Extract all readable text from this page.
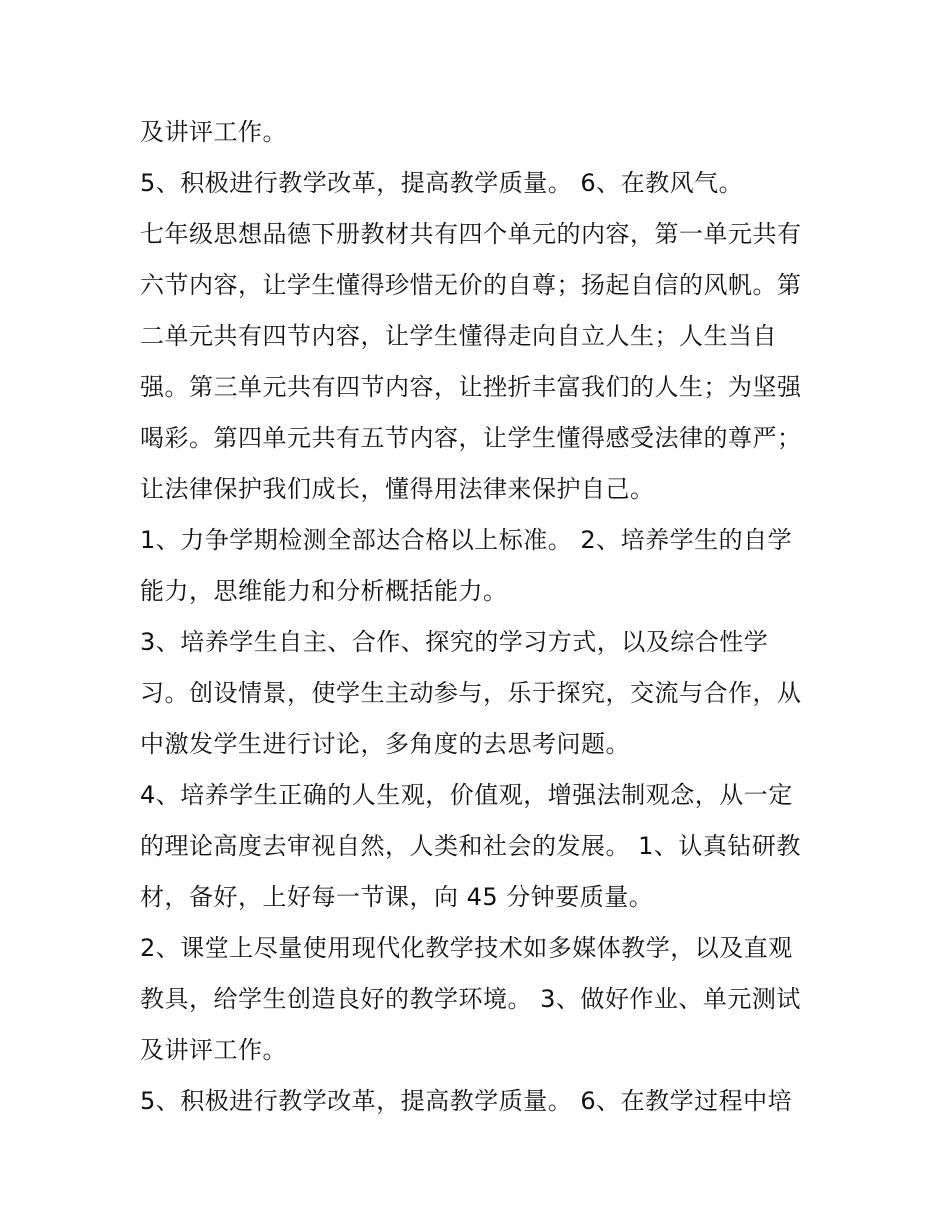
及讲评工作。
5、积极进行教学改革，提高教学质量。 6、在教风气。
七年级思想品德下册教材共有四个单元的内容，第一单元共有
六节内容，让学生懂得珍惜无价的自尊；扬起自信的风帆。第
二单元共有四节内容，让学生懂得走向自立人生；人生当自
强。第三单元共有四节内容，让挫折丰富我们的人生；为坚强
喝彩。第四单元共有五节内容，让学生懂得感受法律的尊严；
让法律保护我们成长，懂得用法律来保护自己。
1、力争学期检测全部达合格以上标准。 2、培养学生的自学
能力，思维能力和分析概括能力。
3、培养学生自主、合作、探究的学习方式，以及综合性学
习。创设情景，使学生主动参与，乐于探究，交流与合作，从
中激发学生进行讨论，多角度的去思考问题。
4、培养学生正确的人生观，价值观，增强法制观念，从一定
的理论高度去审视自然，人类和社会的发展。 1、认真钻研教
材，备好，上好每一节课，向 45 分钟要质量。
2、课堂上尽量使用现代化教学技术如多媒体教学，以及直观
教具，给学生创造良好的教学环境。 3、做好作业、单元测试
及讲评工作。
5、积极进行教学改革，提高教学质量。 6、在教学过程中培
